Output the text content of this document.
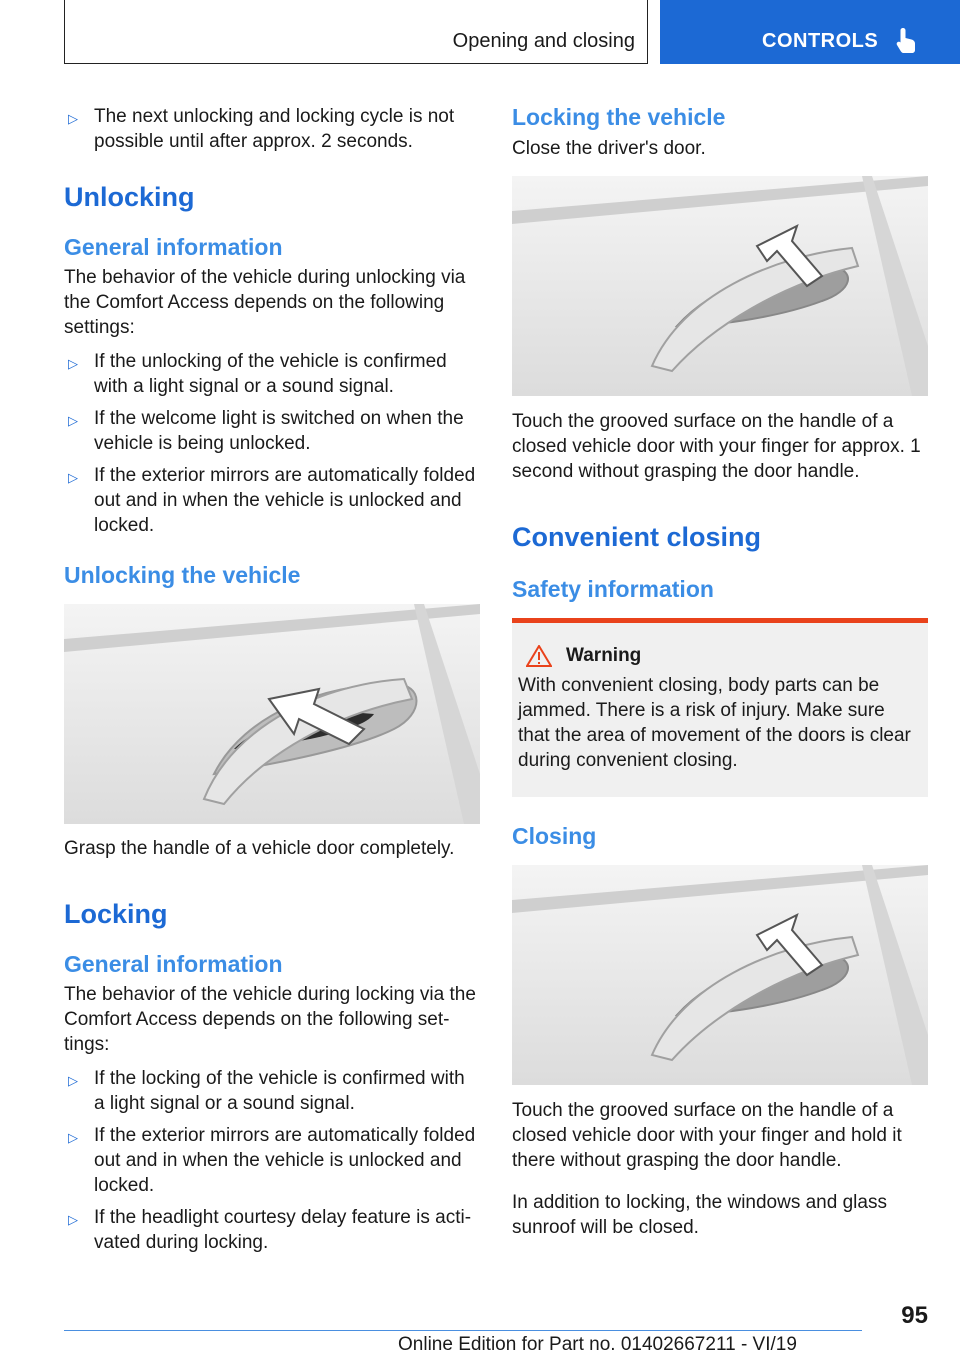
Opening and closing	CONTROLS
▷ The next unlocking and locking cycle is not possible until after approx. 2 seconds.
Unlocking
General information

The behavior of the vehicle during unlocking via the Comfort Access depends on the following settings:

▷ If the unlocking of the vehicle is confirmed with a light signal or a sound signal.
▷ If the welcome light is switched on when the vehicle is being unlocked.
▷ If the exterior mirrors are automatically folded out and in when the vehicle is unlocked and locked.
Unlocking the vehicle

Grasp the handle of a vehicle door completely.

Locking
General information

The behavior of the vehicle during locking via the Comfort Access depends on the following set‐tings:

▷ If the locking of the vehicle is confirmed with a light signal or a sound signal.
▷ If the exterior mirrors are automatically folded out and in when the vehicle is unlocked and locked.
▷ If the headlight courtesy delay feature is acti‐vated during locking.
Locking the vehicle

Close the driver's door.

Touch the grooved surface on the handle of a closed vehicle door with your finger for approx. 1 second without grasping the door handle.

Convenient closing
Safety information
Warning

With convenient closing, body parts can be jammed. There is a risk of injury. Make sure that the area of movement of the doors is clear during convenient closing.

Closing

Touch the grooved surface on the handle of a closed vehicle door with your finger and hold it there without grasping the door handle.

In addition to locking, the windows and glass sunroof will be closed.

95
Online Edition for Part no. 01402667211 - VI/19
